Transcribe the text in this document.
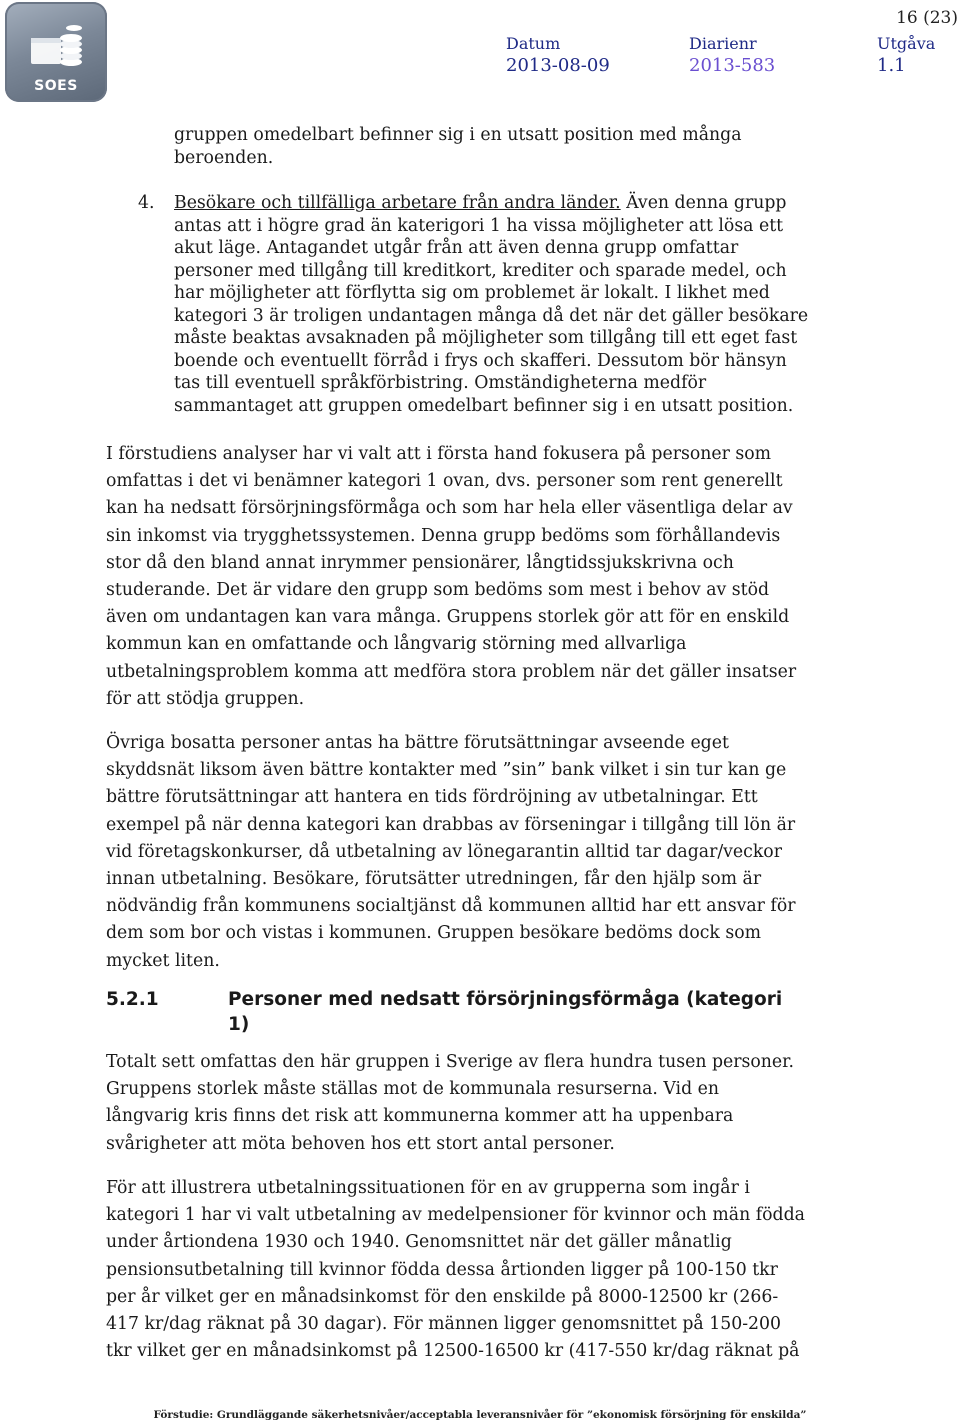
SOES
16 (23)
Datum
2013-08-09
Diarienr
2013-583
Utgåva
1.1
gruppen omedelbart befinner sig i en utsatt position med många beroenden.
4.	Besökare och tillfälliga arbetare från andra länder. Även denna grupp antas att i högre grad än katerigori 1 ha vissa möjligheter att lösa ett akut läge. Antagandet utgår från att även denna grupp omfattar personer med tillgång till kreditkort, krediter och sparade medel, och har möjligheter att förflytta sig om problemet är lokalt. I likhet med kategori 3 är troligen undantagen många då det när det gäller besökare måste beaktas avsaknaden på möjligheter som tillgång till ett eget fast boende och eventuellt förråd i frys och skafferi. Dessutom bör hänsyn tas till eventuell språkförbistring. Omständigheterna medför sammantaget att gruppen omedelbart befinner sig i en utsatt position.

I förstudiens analyser har vi valt att i första hand fokusera på personer som omfattas i det vi benämner kategori 1 ovan, dvs. personer som rent generellt kan ha nedsatt försörjningsförmåga och som har hela eller väsentliga delar av sin inkomst via trygghetssystemen. Denna grupp bedöms som förhållandevis stor då den bland annat inrymmer pensionärer, långtidssjukskrivna och studerande. Det är vidare den grupp som bedöms som mest i behov av stöd även om undantagen kan vara många. Gruppens storlek gör att för en enskild kommun kan en omfattande och långvarig störning med allvarliga utbetalningsproblem komma att medföra stora problem när det gäller insatser för att stödja gruppen.

Övriga bosatta personer antas ha bättre förutsättningar avseende eget skyddsnät liksom även bättre kontakter med ”sin” bank vilket i sin tur kan ge bättre förutsättningar att hantera en tids fördröjning av utbetalningar. Ett exempel på när denna kategori kan drabbas av förseningar i tillgång till lön är vid företagskonkurser, då utbetalning av lönegarantin alltid tar dagar/veckor innan utbetalning. Besökare, förutsätter utredningen, får den hjälp som är nödvändig från kommunens socialtjänst då kommunen alltid har ett ansvar för dem som bor och vistas i kommunen. Gruppen besökare bedöms dock som mycket liten.

5.2.1	Personer med nedsatt försörjningsförmåga (kategori 1)

Totalt sett omfattas den här gruppen i Sverige av flera hundra tusen personer. Gruppens storlek måste ställas mot de kommunala resurserna. Vid en långvarig kris finns det risk att kommunerna kommer att ha uppenbara svårigheter att möta behoven hos ett stort antal personer.

För att illustrera utbetalningssituationen för en av grupperna som ingår i kategori 1 har vi valt utbetalning av medelpensioner för kvinnor och män födda under årtiondena 1930 och 1940. Genomsnittet när det gäller månatlig pensionsutbetalning till kvinnor födda dessa årtionden ligger på 100-150 tkr per år vilket ger en månadsinkomst för den enskilde på 8000-12500 kr (266-417 kr/dag räknat på 30 dagar). För männen ligger genomsnittet på 150-200 tkr vilket ger en månadsinkomst på 12500-16500 kr (417-550 kr/dag räknat på

Förstudie: Grundläggande säkerhetsnivåer/acceptabla leveransnivåer för ”ekonomisk försörjning för enskilda”
